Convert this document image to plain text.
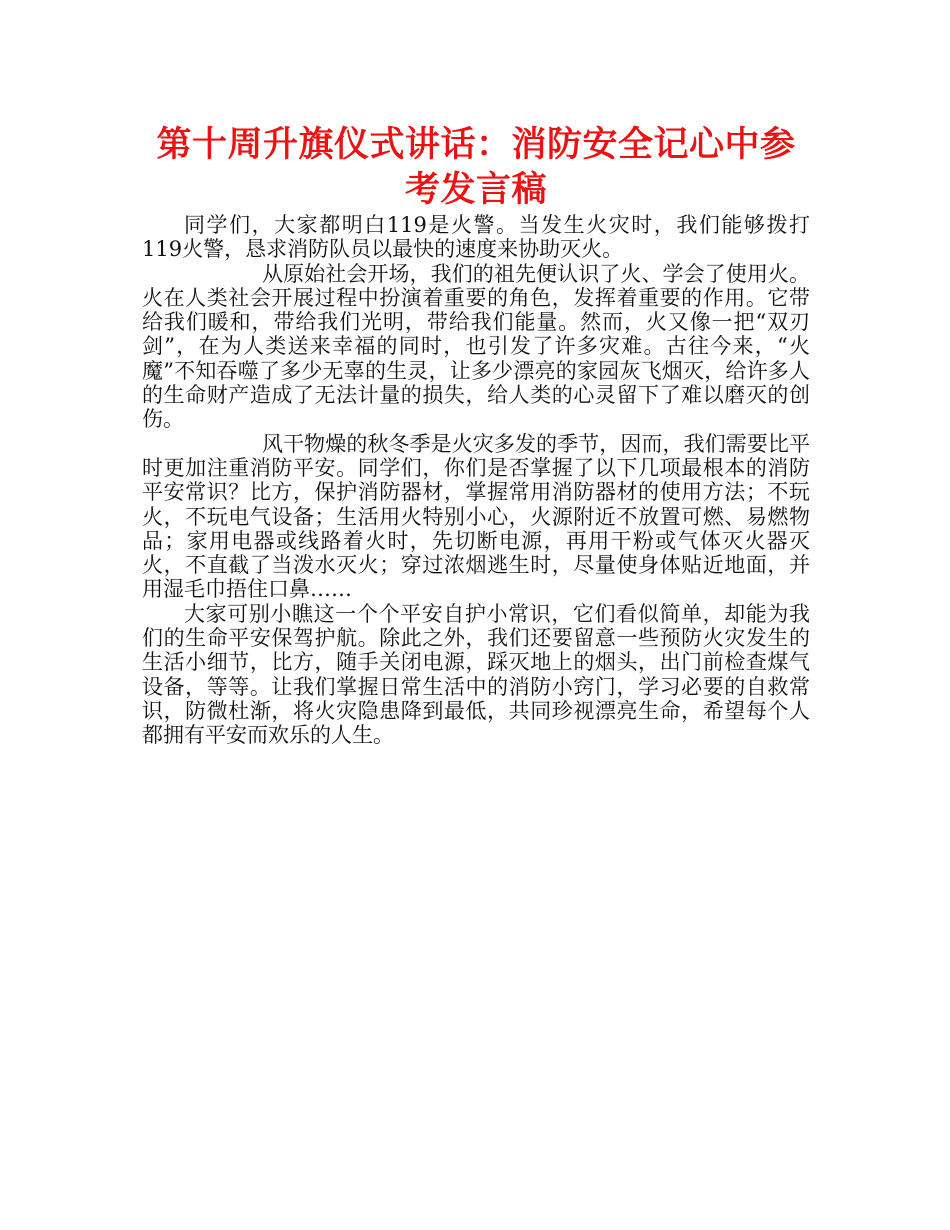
第十周升旗仪式讲话：消防安全记心中参考发言稿

同学们，大家都明白119是火警。当发生火灾时，我们能够拨打119火警，恳求消防队员以最快的速度来协助灭火。

从原始社会开场，我们的祖先便认识了火、学会了使用火。火在人类社会开展过程中扮演着重要的角色，发挥着重要的作用。它带给我们暖和，带给我们光明，带给我们能量。然而，火又像一把“双刃剑”，在为人类送来幸福的同时，也引发了许多灾难。古往今来，“火魔”不知吞噬了多少无辜的生灵，让多少漂亮的家园灰飞烟灭，给许多人的生命财产造成了无法计量的损失，给人类的心灵留下了难以磨灭的创伤。

风干物燥的秋冬季是火灾多发的季节，因而，我们需要比平时更加注重消防平安。同学们，你们是否掌握了以下几项最根本的消防平安常识？比方，保护消防器材，掌握常用消防器材的使用方法；不玩火，不玩电气设备；生活用火特别小心，火源附近不放置可燃、易燃物品；家用电器或线路着火时，先切断电源，再用干粉或气体灭火器灭火，不直截了当泼水灭火；穿过浓烟逃生时，尽量使身体贴近地面，并用湿毛巾捂住口鼻……

大家可别小瞧这一个个平安自护小常识，它们看似简单，却能为我们的生命平安保驾护航。除此之外，我们还要留意一些预防火灾发生的生活小细节，比方，随手关闭电源，踩灭地上的烟头，出门前检查煤气设备，等等。让我们掌握日常生活中的消防小窍门，学习必要的自救常识，防微杜渐，将火灾隐患降到最低，共同珍视漂亮生命，希望每个人都拥有平安而欢乐的人生。
